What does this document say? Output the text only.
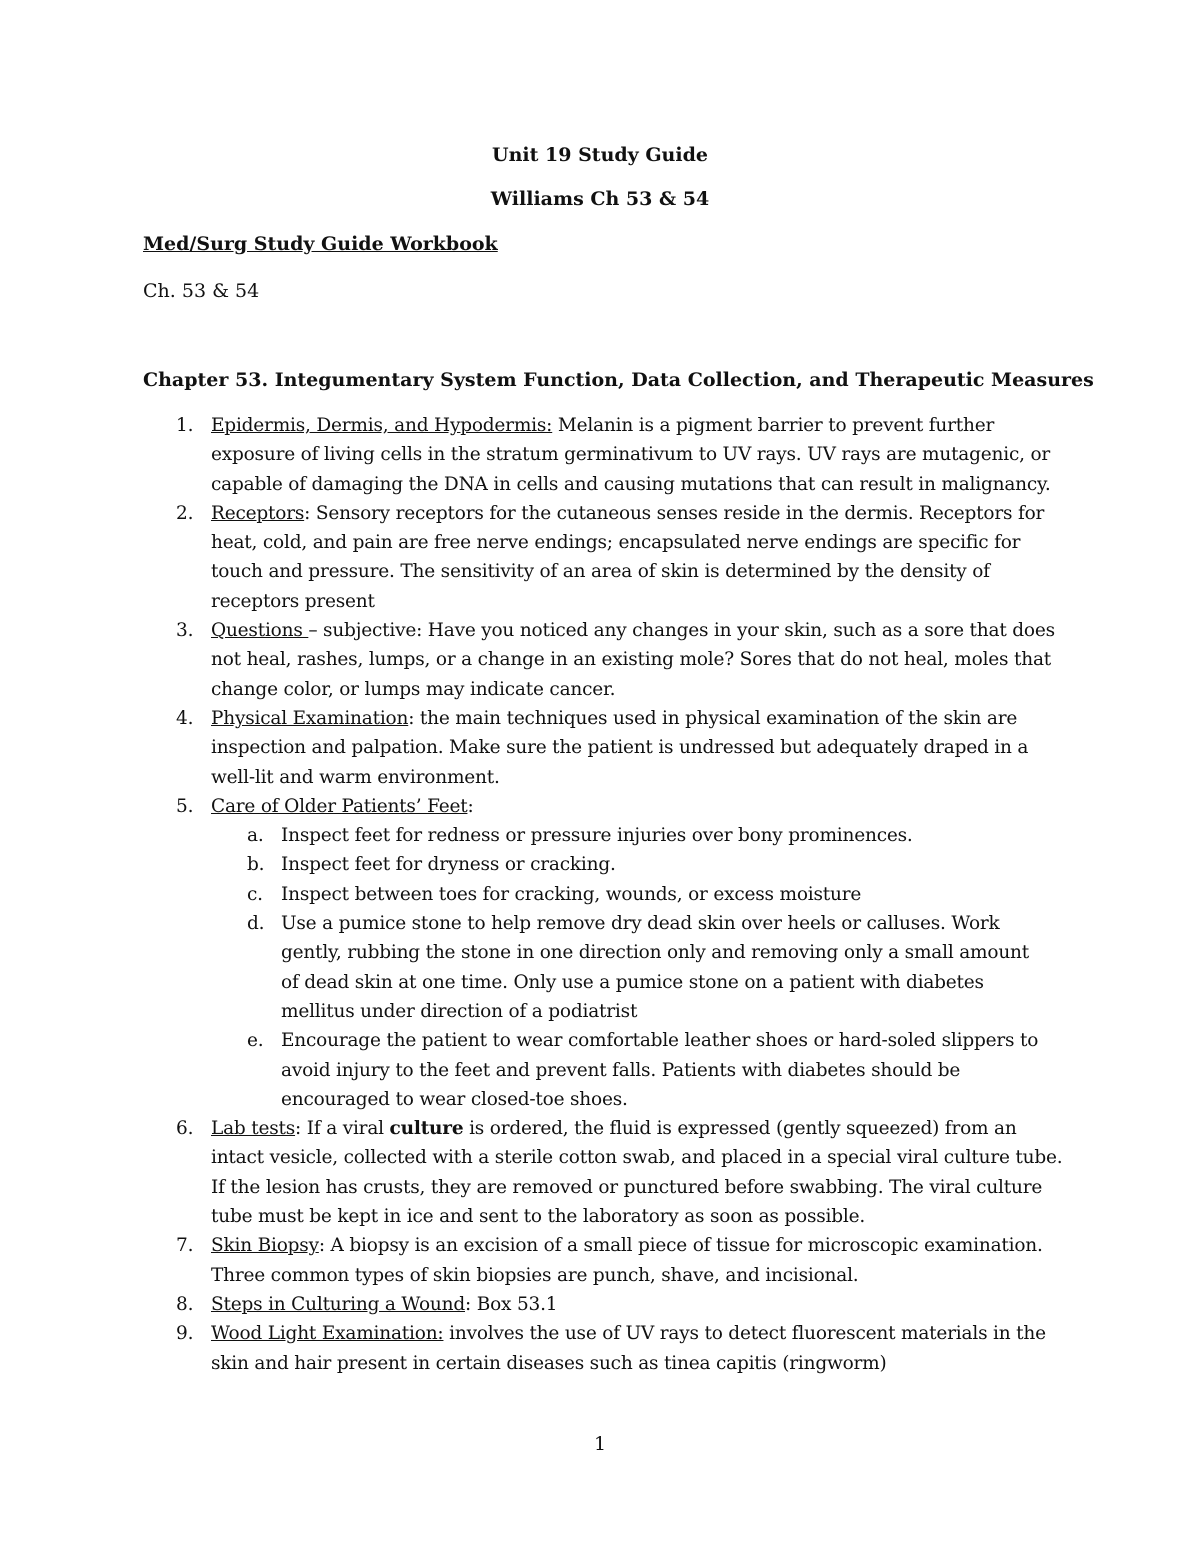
Unit 19 Study Guide
Williams Ch 53 & 54
Med/Surg Study Guide Workbook
Ch. 53 & 54
Chapter 53. Integumentary System Function, Data Collection, and Therapeutic Measures
1. Epidermis, Dermis, and Hypodermis: Melanin is a pigment barrier to prevent further exposure of living cells in the stratum germinativum to UV rays. UV rays are mutagenic, or capable of damaging the DNA in cells and causing mutations that can result in malignancy.
2. Receptors: Sensory receptors for the cutaneous senses reside in the dermis. Receptors for heat, cold, and pain are free nerve endings; encapsulated nerve endings are specific for touch and pressure. The sensitivity of an area of skin is determined by the density of receptors present
3. Questions – subjective: Have you noticed any changes in your skin, such as a sore that does not heal, rashes, lumps, or a change in an existing mole? Sores that do not heal, moles that change color, or lumps may indicate cancer.
4. Physical Examination: the main techniques used in physical examination of the skin are inspection and palpation. Make sure the patient is undressed but adequately draped in a well-lit and warm environment.
5. Care of Older Patients’ Feet:
a. Inspect feet for redness or pressure injuries over bony prominences.
b. Inspect feet for dryness or cracking.
c. Inspect between toes for cracking, wounds, or excess moisture
d. Use a pumice stone to help remove dry dead skin over heels or calluses. Work gently, rubbing the stone in one direction only and removing only a small amount of dead skin at one time. Only use a pumice stone on a patient with diabetes mellitus under direction of a podiatrist
e. Encourage the patient to wear comfortable leather shoes or hard-soled slippers to avoid injury to the feet and prevent falls. Patients with diabetes should be encouraged to wear closed-toe shoes.
6. Lab tests: If a viral culture is ordered, the fluid is expressed (gently squeezed) from an intact vesicle, collected with a sterile cotton swab, and placed in a special viral culture tube. If the lesion has crusts, they are removed or punctured before swabbing. The viral culture tube must be kept in ice and sent to the laboratory as soon as possible.
7. Skin Biopsy: A biopsy is an excision of a small piece of tissue for microscopic examination. Three common types of skin biopsies are punch, shave, and incisional.
8. Steps in Culturing a Wound: Box 53.1
9. Wood Light Examination: involves the use of UV rays to detect fluorescent materials in the skin and hair present in certain diseases such as tinea capitis (ringworm)
1
